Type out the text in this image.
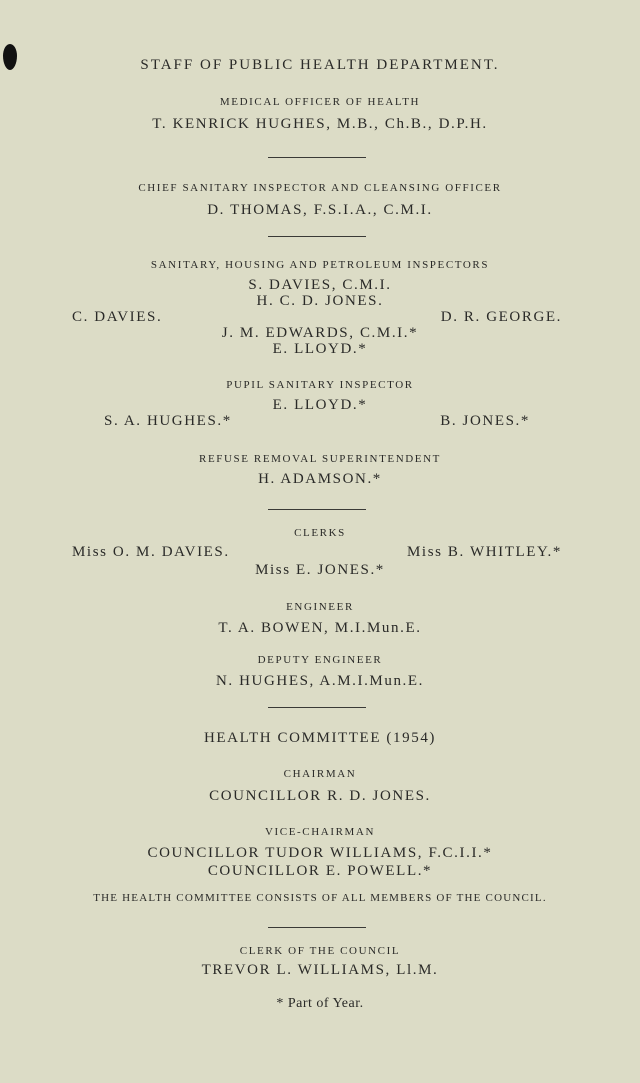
STAFF OF PUBLIC HEALTH DEPARTMENT.
MEDICAL OFFICER OF HEALTH
T. KENRICK HUGHES, M.B., Ch.B., D.P.H.
CHIEF SANITARY INSPECTOR AND CLEANSING OFFICER
D. THOMAS, F.S.I.A., C.M.I.
SANITARY, HOUSING AND PETROLEUM INSPECTORS
S. DAVIES, C.M.I.
H. C. D. JONES.
C. DAVIES.	D. R. GEORGE.
J. M. EDWARDS, C.M.I.*
E. LLOYD.*
PUPIL SANITARY INSPECTOR
E. LLOYD.*
S. A. HUGHES.*	B. JONES.*
REFUSE REMOVAL SUPERINTENDENT
H. ADAMSON.*
CLERKS
Miss O. M. DAVIES.	Miss B. WHITLEY.*
Miss E. JONES.*
ENGINEER
T. A. BOWEN, M.I.Mun.E.
DEPUTY ENGINEER
N. HUGHES, A.M.I.Mun.E.
HEALTH COMMITTEE (1954)
CHAIRMAN
COUNCILLOR R. D. JONES.
VICE-CHAIRMAN
COUNCILLOR TUDOR WILLIAMS, F.C.I.I.*
COUNCILLOR E. POWELL.*
THE HEALTH COMMITTEE CONSISTS OF ALL MEMBERS OF THE COUNCIL.
CLERK OF THE COUNCIL
TREVOR L. WILLIAMS, Ll.M.
* Part of Year.
